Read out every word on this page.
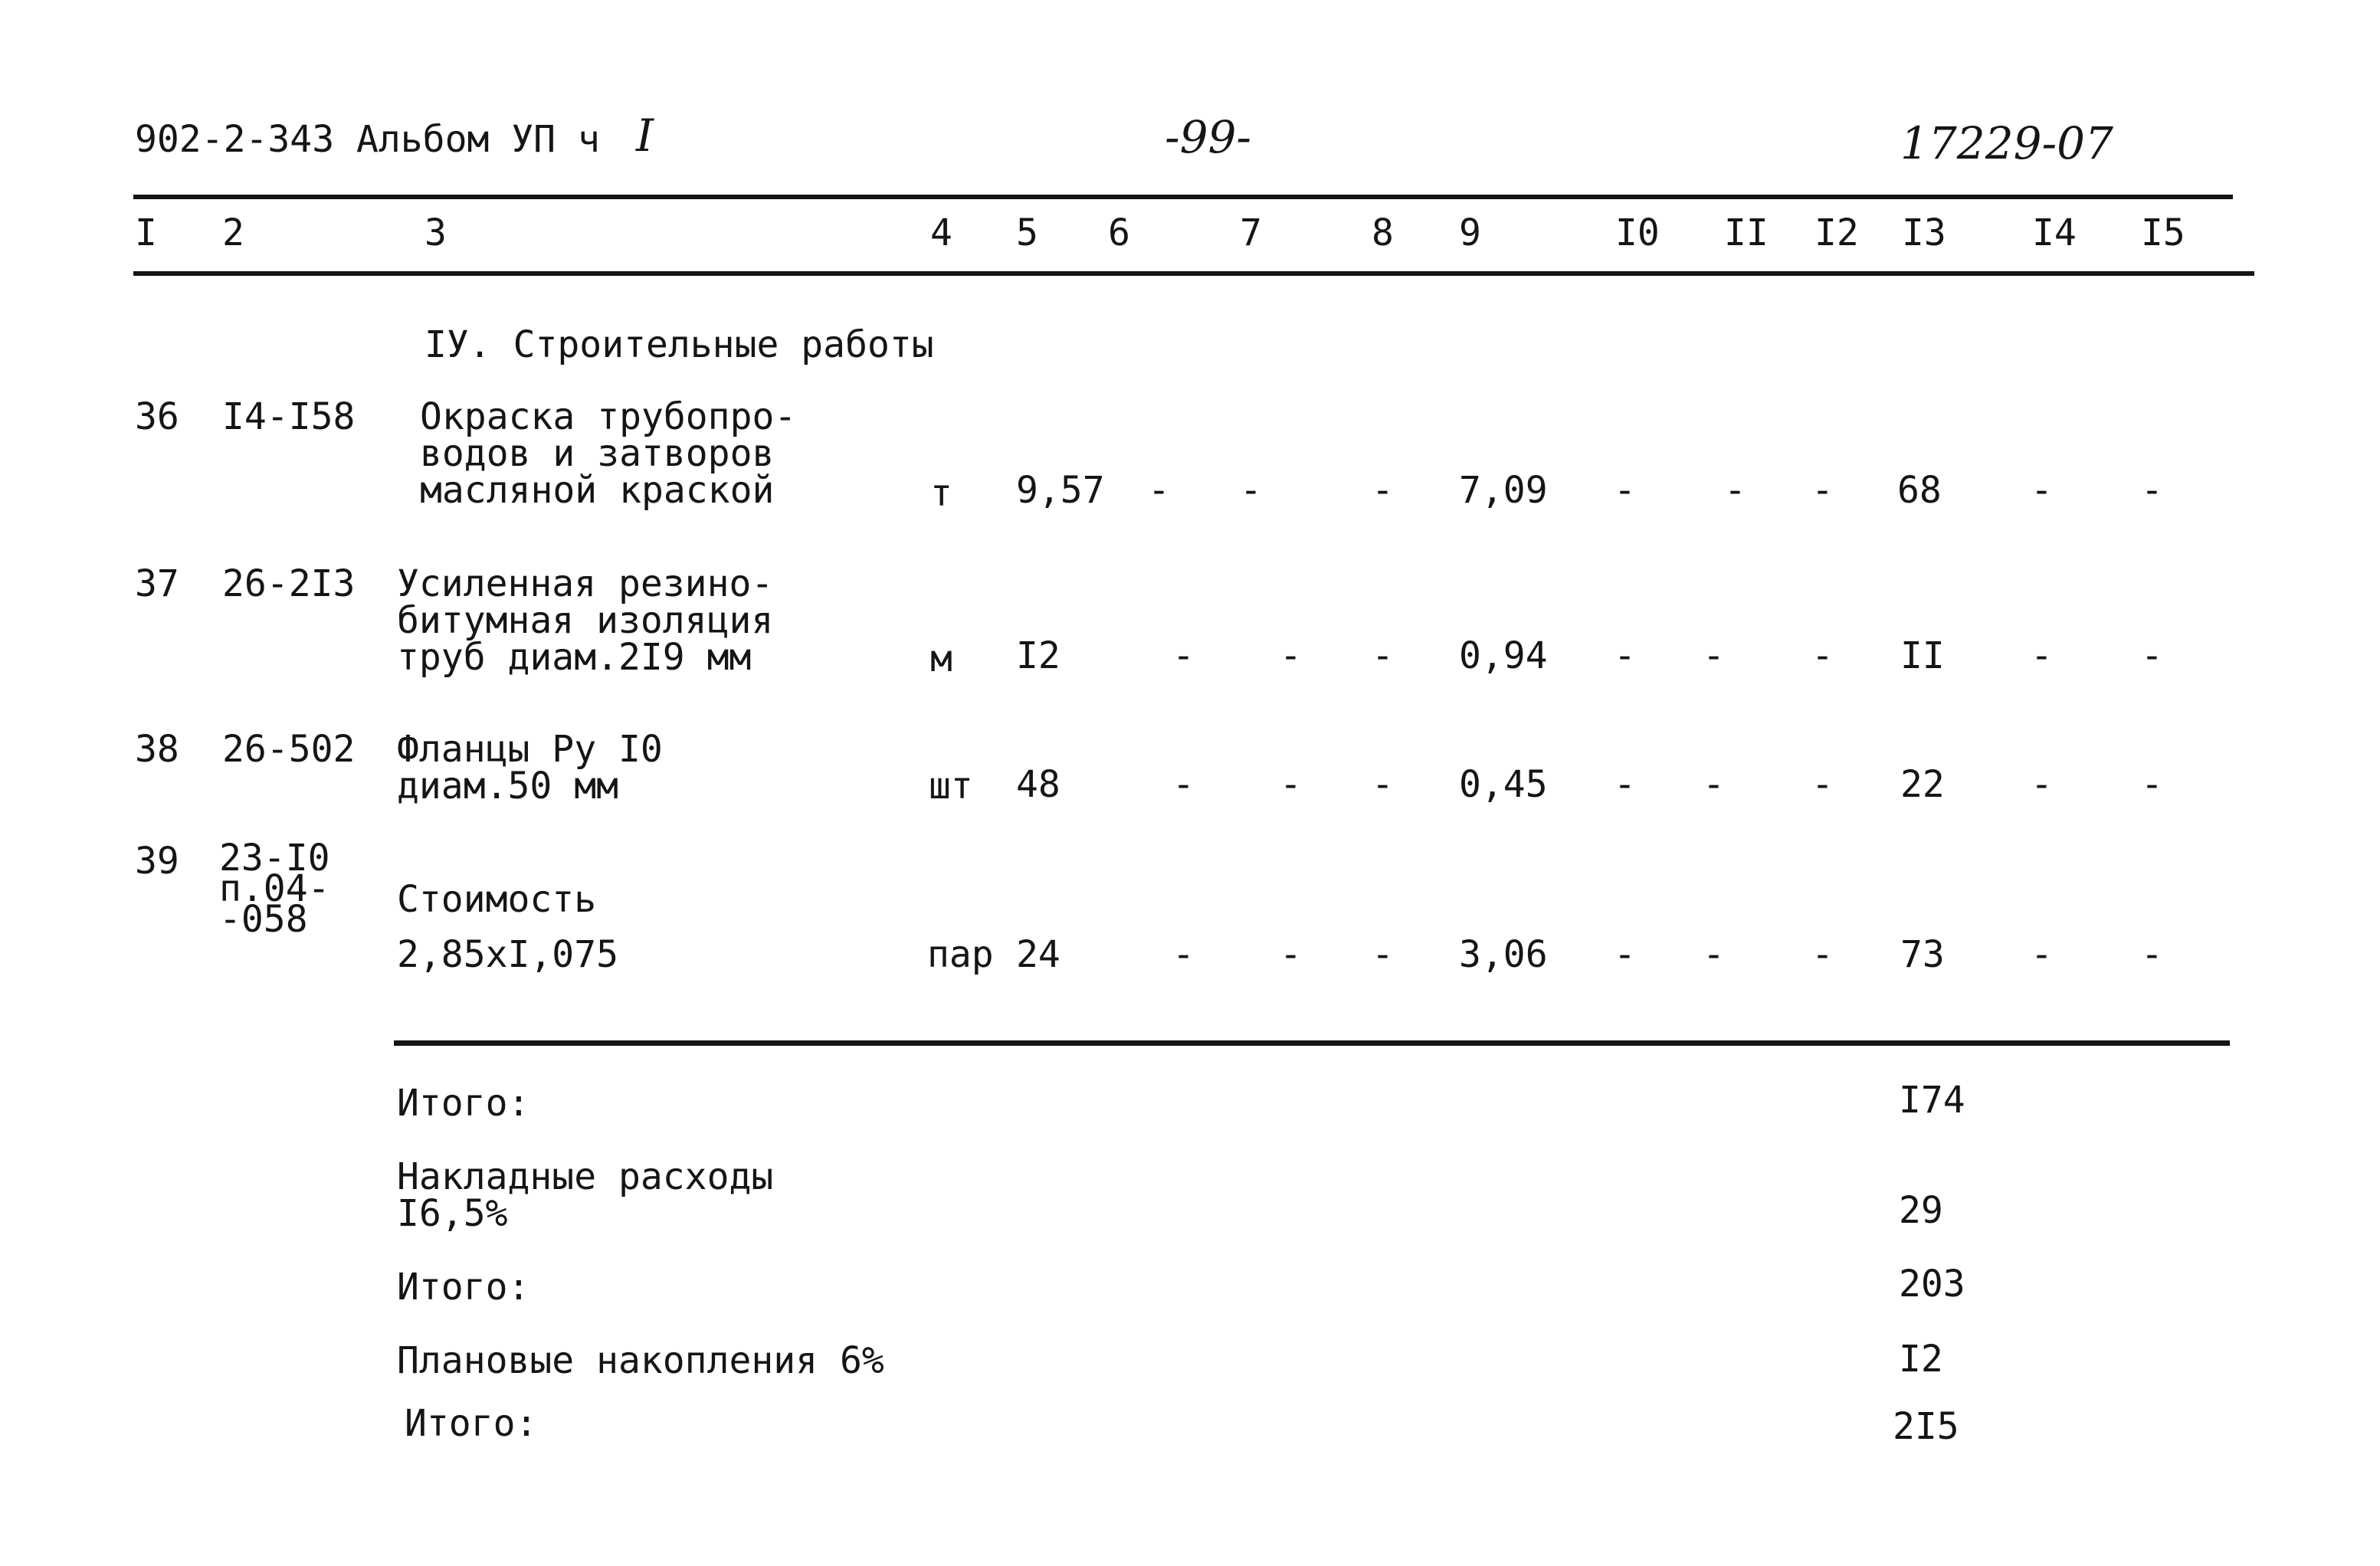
902-2-343 Альбом УП ч I	-99-	17229-07
I 2	3	4 5 6	7	8 9	I0 II I2 I3 I4 I5
IУ. Строительные работы
36 I4-I58 Окраска трубопро-
водов и затворов
масляной краской	т 9,57 - -	- 7,09 - - - 68 - -
37 26-2I3 Усиленная резино-
битумная изоляция
труб диам.2I9 мм	м I2	- - - 0,94 - - - II - -
38 26-502 Фланцы Ру I0
диам.50 мм	шт 48	- - - 0,45 - - - 22 - -
39 23-I0
п.04-
-058	Стоимость
2,85xI,075	пар 24	- - - 3,06 - - - 73 - -
Итого:	I74
Накладные расходы
I6,5%	29
Итого:	203
Плановые накопления 6%	I2
Итого:	2I5
